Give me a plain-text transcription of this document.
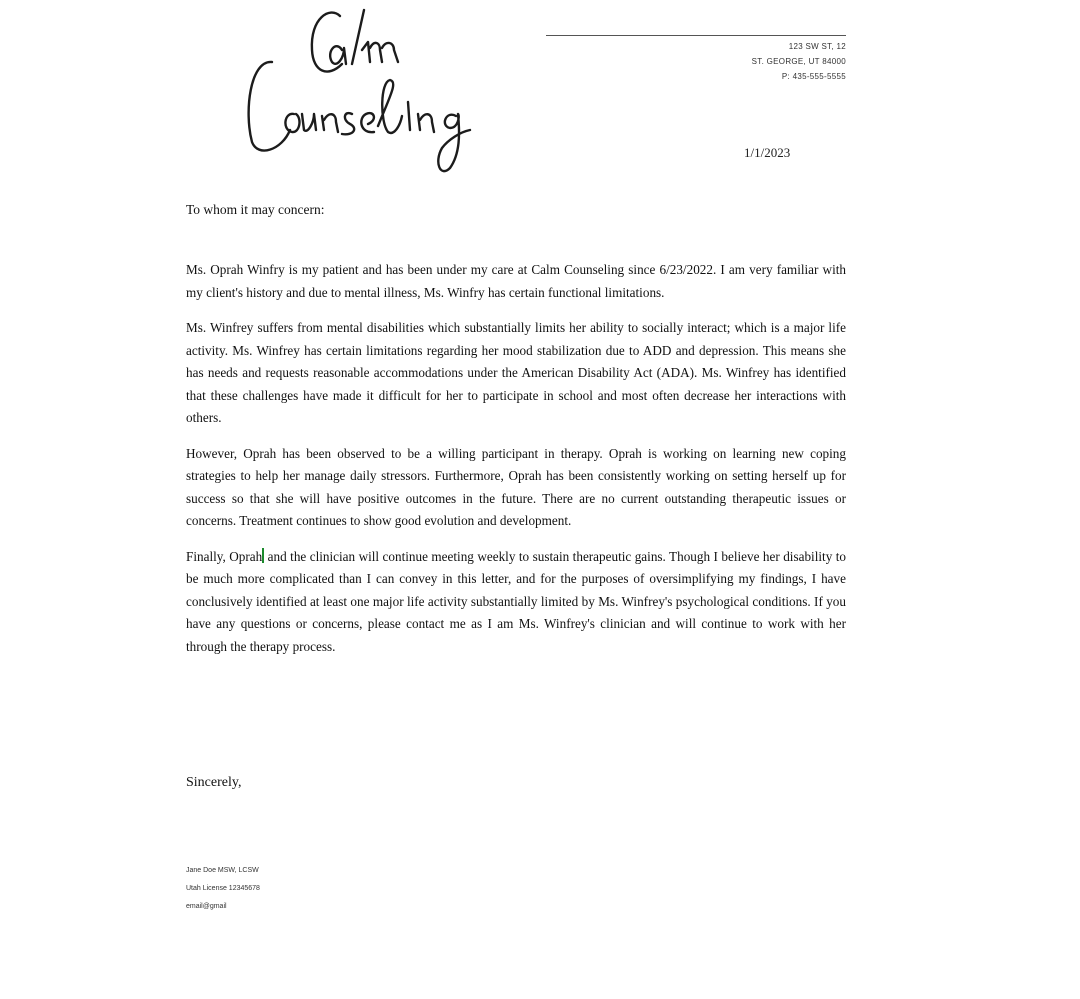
123 SW ST, 12
ST. GEORGE, UT 84000
P: 435-555-5555
1/1/2023
To whom it may concern:

Ms. Oprah Winfry is my patient and has been under my care at Calm Counseling since 6/23/2022. I am very familiar with my client's history and due to mental illness, Ms. Winfry has certain functional limitations.

Ms. Winfrey suffers from mental disabilities which substantially limits her ability to socially interact; which is a major life activity. Ms. Winfrey has certain limitations regarding her mood stabilization due to ADD and depression. This means she has needs and requests reasonable accommodations under the American Disability Act (ADA). Ms. Winfrey has identified that these challenges have made it difficult for her to participate in school and most often decrease her interactions with others.

However, Oprah has been observed to be a willing participant in therapy. Oprah is working on learning new coping strategies to help her manage daily stressors. Furthermore, Oprah has been consistently working on setting herself up for success so that she will have positive outcomes in the future. There are no current outstanding therapeutic issues or concerns. Treatment continues to show good evolution and development.

Finally, Oprah and the clinician will continue meeting weekly to sustain therapeutic gains. Though I believe her disability to be much more complicated than I can convey in this letter, and for the purposes of oversimplifying my findings, I have conclusively identified at least one major life activity substantially limited by Ms. Winfrey's psychological conditions. If you have any questions or concerns, please contact me as I am Ms. Winfrey's clinician and will continue to work with her through the therapy process.

Sincerely,
Jane Doe MSW, LCSW
Utah License 12345678
email@gmail
